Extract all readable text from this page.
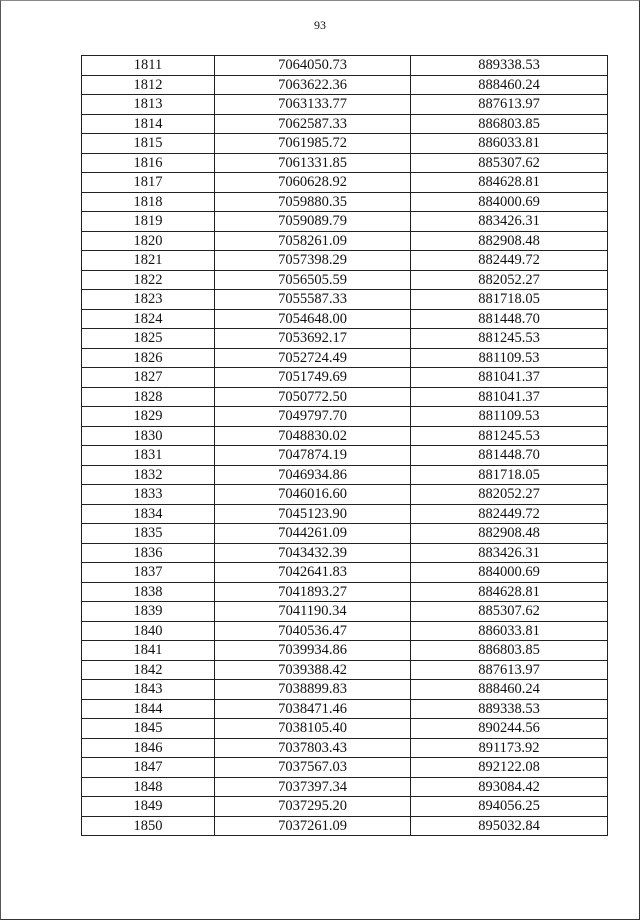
93
1811	7064050.73	889338.53
1812	7063622.36	888460.24
1813	7063133.77	887613.97
1814	7062587.33	886803.85
1815	7061985.72	886033.81
1816	7061331.85	885307.62
1817	7060628.92	884628.81
1818	7059880.35	884000.69
1819	7059089.79	883426.31
1820	7058261.09	882908.48
1821	7057398.29	882449.72
1822	7056505.59	882052.27
1823	7055587.33	881718.05
1824	7054648.00	881448.70
1825	7053692.17	881245.53
1826	7052724.49	881109.53
1827	7051749.69	881041.37
1828	7050772.50	881041.37
1829	7049797.70	881109.53
1830	7048830.02	881245.53
1831	7047874.19	881448.70
1832	7046934.86	881718.05
1833	7046016.60	882052.27
1834	7045123.90	882449.72
1835	7044261.09	882908.48
1836	7043432.39	883426.31
1837	7042641.83	884000.69
1838	7041893.27	884628.81
1839	7041190.34	885307.62
1840	7040536.47	886033.81
1841	7039934.86	886803.85
1842	7039388.42	887613.97
1843	7038899.83	888460.24
1844	7038471.46	889338.53
1845	7038105.40	890244.56
1846	7037803.43	891173.92
1847	7037567.03	892122.08
1848	7037397.34	893084.42
1849	7037295.20	894056.25
1850	7037261.09	895032.84
